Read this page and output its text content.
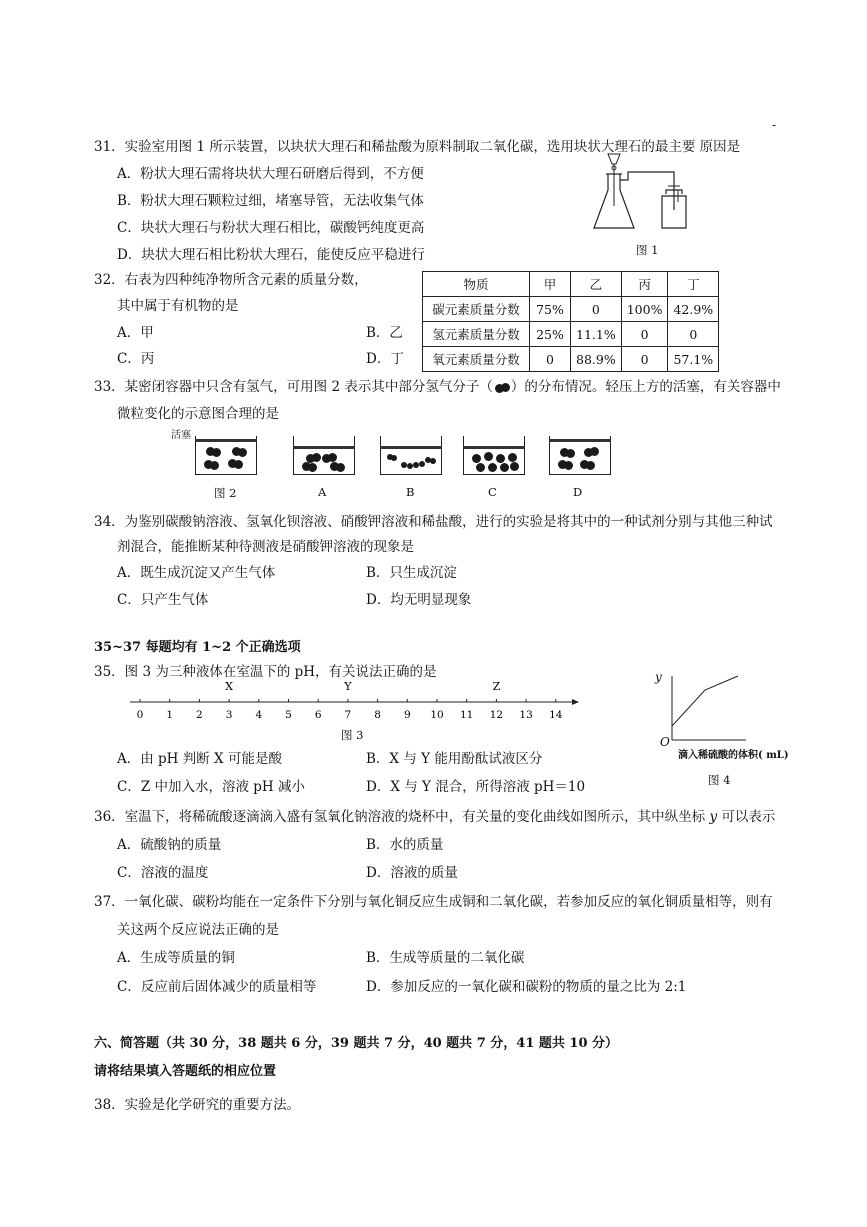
-
31．实验室用图 1 所示装置，以块状大理石和稀盐酸为原料制取二氧化碳，选用块状大理石的最主要 原因是
A．粉状大理石需将块状大理石研磨后得到，不方便
B．粉状大理石颗粒过细，堵塞导管，无法收集气体
C．块状大理石与粉状大理石相比，碳酸钙纯度更高
D．块状大理石相比粉状大理石，能使反应平稳进行	图 1
32．右表为四种纯净物所含元素的质量分数，
其中属于有机物的是
A．甲	B．乙
C．丙	D．丁
物质	甲	乙	丙	丁
碳元素质量分数	75%	0	100%	42.9%
氢元素质量分数	25%	11.1%	0	0
氧元素质量分数	0	88.9%	0	57.1%
33．某密闭容器中只含有氢气，可用图 2 表示其中部分氢气分子（ ）的分布情况。轻压上方的活塞，有关容器中
微粒变化的示意图合理的是
活塞
图 2	A	B	C	D
34．为鉴别碳酸钠溶液、氢氧化钡溶液、硝酸钾溶液和稀盐酸，进行的实验是将其中的一种试剂分别与其他三种试
剂混合，能推断某种待测液是硝酸钾溶液的现象是
A．既生成沉淀又产生气体	B．只生成沉淀
C．只产生气体	D．均无明显现象
35~37 每题均有 1~2 个正确选项
35．图 3 为三种液体在室温下的 pH，有关说法正确的是
0 1 2 3 4 5 6 7 8 9 10 11 12 13 14
X	Y	Z
图 3
y
O
滴入稀硫酸的体积( mL)
图 4
A．由 pH 判断 X 可能是酸	B．X 与 Y 能用酚酞试液区分
C．Z 中加入水，溶液 pH 减小	D．X 与 Y 混合，所得溶液 pH＝10
36．室温下，将稀硫酸逐滴滴入盛有氢氧化钠溶液的烧杯中，有关量的变化曲线如图所示，其中纵坐标 y 可以表示
A．硫酸钠的质量	B．水的质量
C．溶液的温度	D．溶液的质量
37．一氧化碳、碳粉均能在一定条件下分别与氧化铜反应生成铜和二氧化碳，若参加反应的氧化铜质量相等，则有
关这两个反应说法正确的是
A．生成等质量的铜	B．生成等质量的二氧化碳
C．反应前后固体减少的质量相等	D．参加反应的一氧化碳和碳粉的物质的量之比为 2:1
六、简答题（共 30 分，38 题共 6 分，39 题共 7 分，40 题共 7 分，41 题共 10 分）
请将结果填入答题纸的相应位置
38．实验是化学研究的重要方法。
